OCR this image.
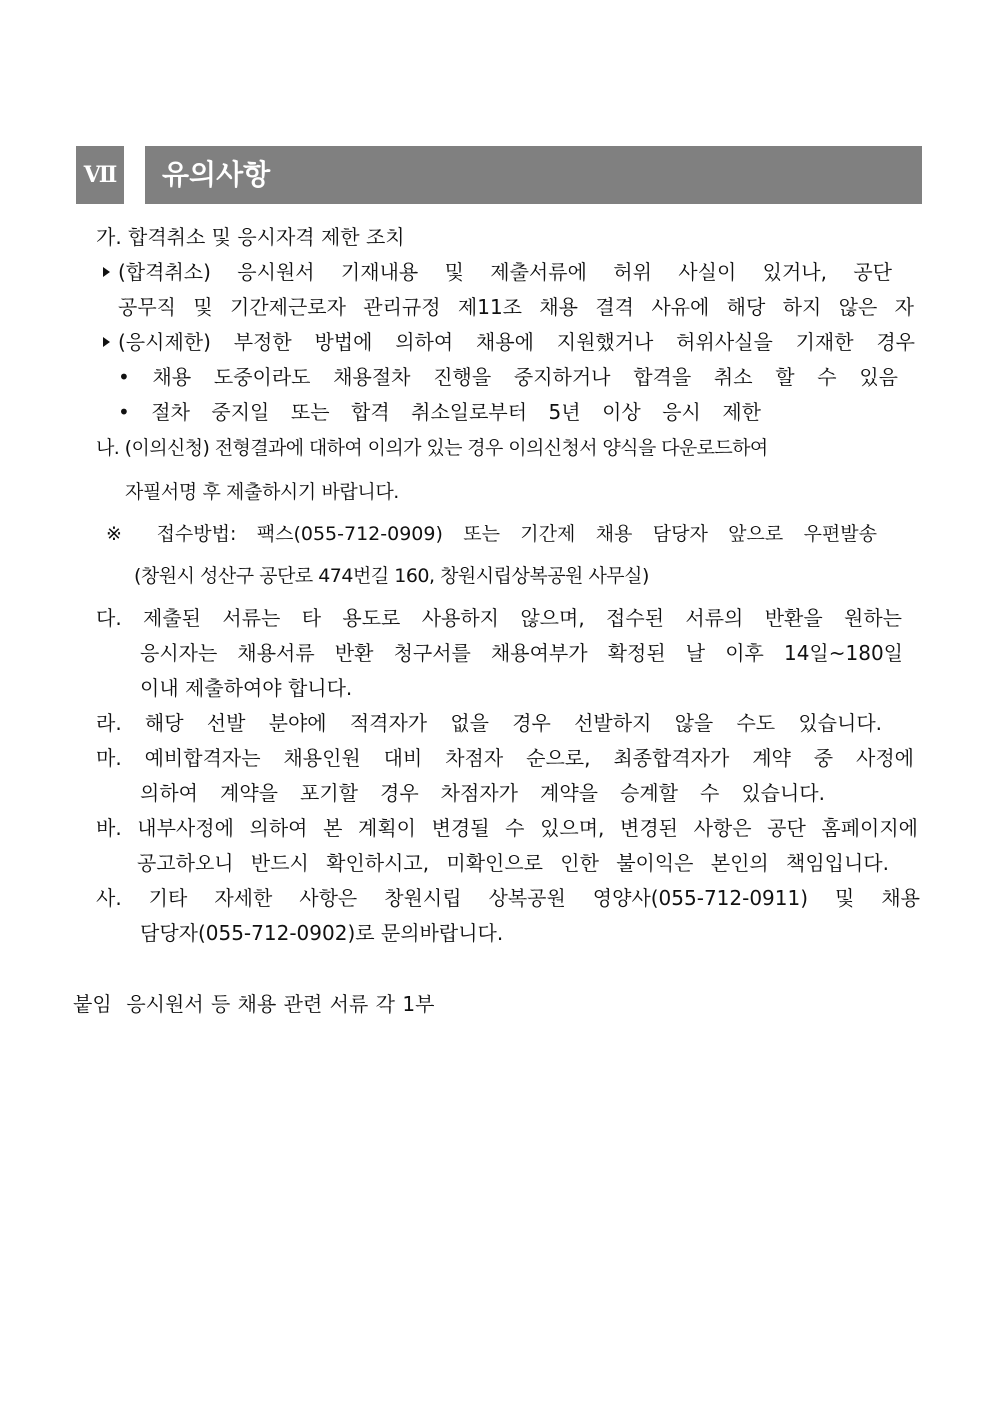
Ⅶ	유의사항
가. 합격취소 및 응시자격 제한 조치
(합격취소) 응시원서 기재내용 및 제출서류에 허위 사실이 있거나, 공단
공무직 및 기간제근로자 관리규정 제11조 채용 결격 사유에 해당 하지 않은 자
(응시제한) 부정한 방법에 의하여 채용에 지원했거나 허위사실을 기재한 경우
• 채용 도중이라도 채용절차 진행을 중지하거나 합격을 취소 할 수 있음
• 절차 중지일 또는 합격 취소일로부터 5년 이상 응시 제한
나. (이의신청) 전형결과에 대하여 이의가 있는 경우 이의신청서 양식을 다운로드하여
자필서명 후 제출하시기 바랍니다.
※ 접수방법: 팩스(055-712-0909) 또는 기간제 채용 담당자 앞으로 우편발송
(창원시 성산구 공단로 474번길 160, 창원시립상복공원 사무실)
다. 제출된 서류는 타 용도로 사용하지 않으며, 접수된 서류의 반환을 원하는
응시자는 채용서류 반환 청구서를 채용여부가 확정된 날 이후 14일~180일
이내 제출하여야 합니다.
라. 해당 선발 분야에 적격자가 없을 경우 선발하지 않을 수도 있습니다.
마. 예비합격자는 채용인원 대비 차점자 순으로, 최종합격자가 계약 중 사정에
의하여 계약을 포기할 경우 차점자가 계약을 승계할 수 있습니다.
바. 내부사정에 의하여 본 계획이 변경될 수 있으며, 변경된 사항은 공단 홈페이지에
공고하오니 반드시 확인하시고, 미확인으로 인한 불이익은 본인의 책임입니다.
사. 기타 자세한 사항은 창원시립 상복공원 영양사(055-712-0911) 및 채용
담당자(055-712-0902)로 문의바랍니다.
붙임  응시원서 등 채용 관련 서류 각 1부
